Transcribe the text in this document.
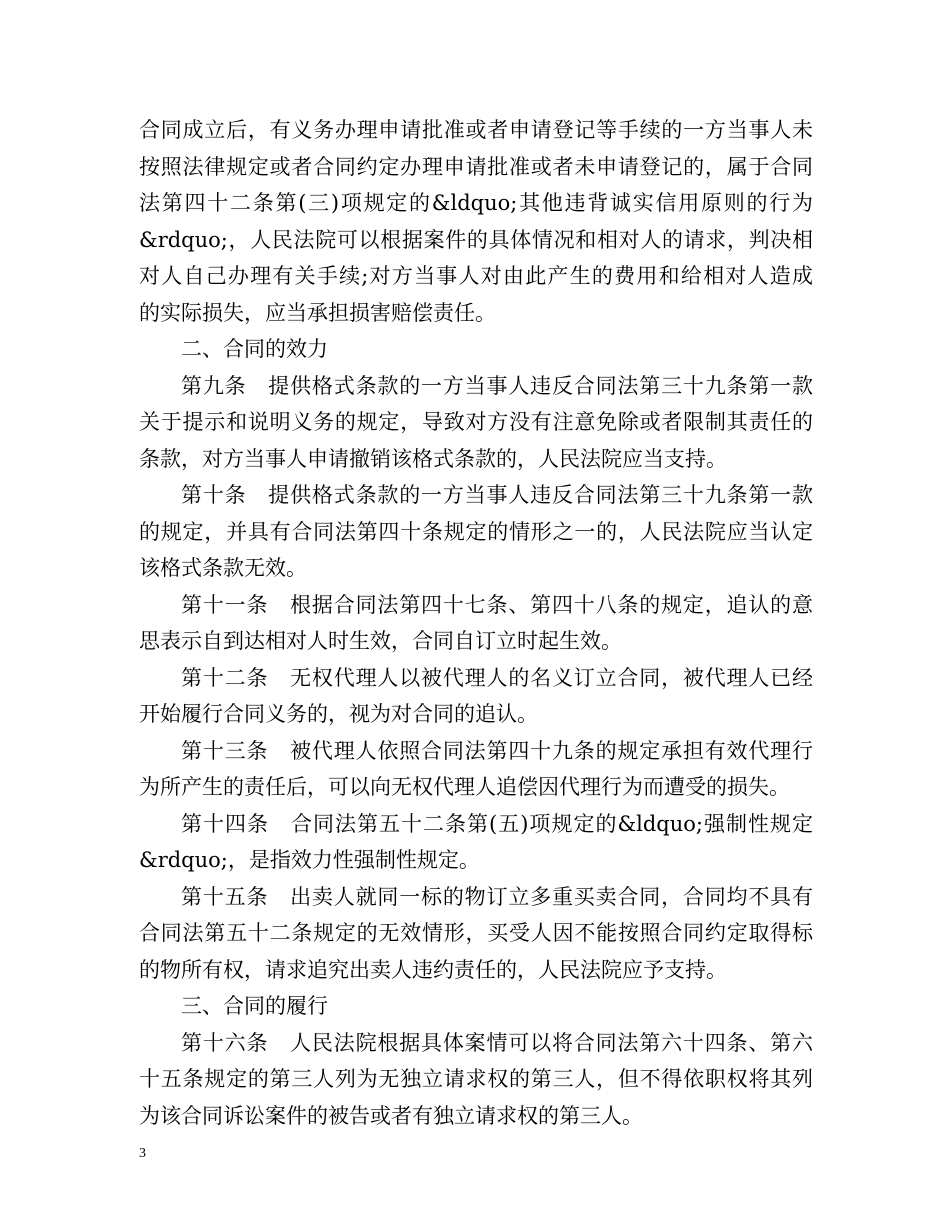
合同成立后，有义务办理申请批准或者申请登记等手续的一方当事人未
按照法律规定或者合同约定办理申请批准或者未申请登记的，属于合同
法第四十二条第(三)项规定的&ldquo;其他违背诚实信用原则的行为
&rdquo;，人民法院可以根据案件的具体情况和相对人的请求，判决相
对人自己办理有关手续;对方当事人对由此产生的费用和给相对人造成
的实际损失，应当承担损害赔偿责任。
二、合同的效力
第九条　提供格式条款的一方当事人违反合同法第三十九条第一款
关于提示和说明义务的规定，导致对方没有注意免除或者限制其责任的
条款，对方当事人申请撤销该格式条款的，人民法院应当支持。
第十条　提供格式条款的一方当事人违反合同法第三十九条第一款
的规定，并具有合同法第四十条规定的情形之一的，人民法院应当认定
该格式条款无效。
第十一条　根据合同法第四十七条、第四十八条的规定，追认的意
思表示自到达相对人时生效，合同自订立时起生效。
第十二条　无权代理人以被代理人的名义订立合同，被代理人已经
开始履行合同义务的，视为对合同的追认。
第十三条　被代理人依照合同法第四十九条的规定承担有效代理行
为所产生的责任后，可以向无权代理人追偿因代理行为而遭受的损失。
第十四条　合同法第五十二条第(五)项规定的&ldquo;强制性规定
&rdquo;，是指效力性强制性规定。
第十五条　出卖人就同一标的物订立多重买卖合同，合同均不具有
合同法第五十二条规定的无效情形，买受人因不能按照合同约定取得标
的物所有权，请求追究出卖人违约责任的，人民法院应予支持。
三、合同的履行
第十六条　人民法院根据具体案情可以将合同法第六十四条、第六
十五条规定的第三人列为无独立请求权的第三人，但不得依职权将其列
为该合同诉讼案件的被告或者有独立请求权的第三人。
3
